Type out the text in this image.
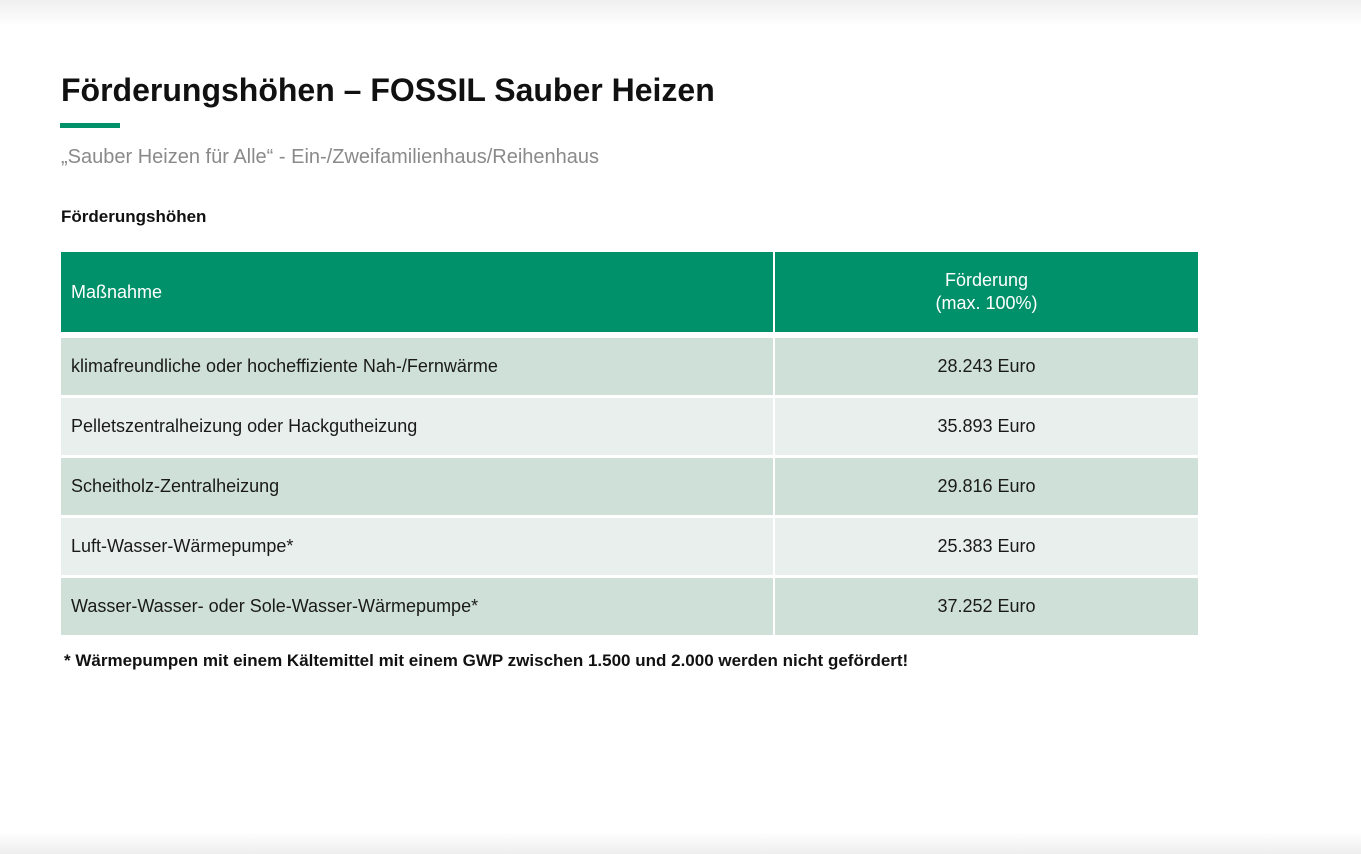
Förderungshöhen – FOSSIL Sauber Heizen
„Sauber Heizen für Alle“ - Ein-/Zweifamilienhaus/Reihenhaus
Förderungshöhen
Maßnahme	Förderung
(max. 100%)

klimafreundliche oder hocheffiziente Nah-/Fernwärme	28.243 Euro
Pelletszentralheizung oder Hackgutheizung	35.893 Euro
Scheitholz-Zentralheizung	29.816 Euro
Luft-Wasser-Wärmepumpe*	25.383 Euro
Wasser-Wasser- oder Sole-Wasser-Wärmepumpe*	37.252 Euro
* Wärmepumpen mit einem Kältemittel mit einem GWP zwischen 1.500 und 2.000 werden nicht gefördert!
